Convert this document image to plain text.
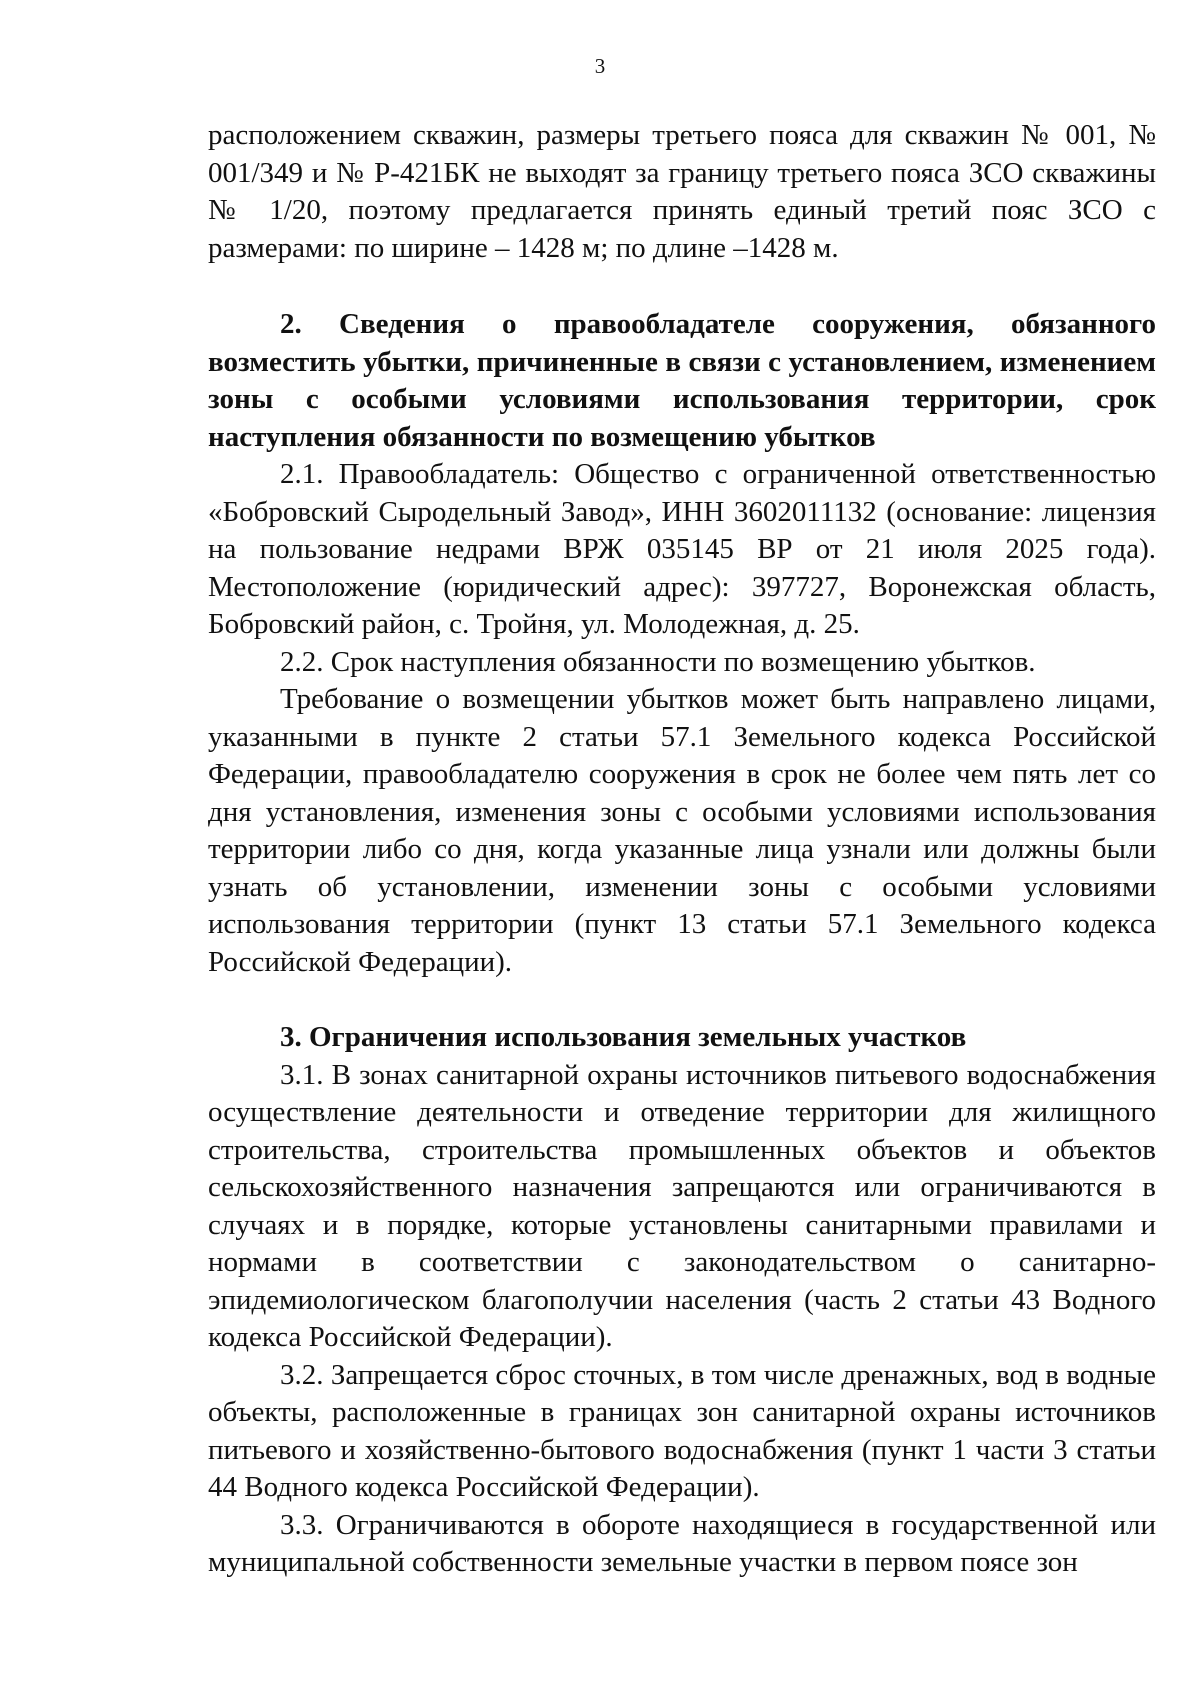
3

расположением скважин, размеры третьего пояса для скважин № 001, № 001/349 и № Р-421БК не выходят за границу третьего пояса ЗСО скважины № 1/20, поэтому предлагается принять единый третий пояс ЗСО с размерами: по ширине – 1428 м; по длине –1428 м.

2. Сведения о правообладателе сооружения, обязанного возместить убытки, причиненные в связи с установлением, изменением зоны с особыми условиями использования территории, срок наступления обязанности по возмещению убытков

2.1. Правообладатель: Общество с ограниченной ответственностью «Бобровский Сыродельный Завод», ИНН 3602011132 (основание: лицензия на пользование недрами ВРЖ 035145 ВР от 21 июля 2025 года). Местоположение (юридический адрес): 397727, Воронежская область, Бобровский район, с. Тройня, ул. Молодежная, д. 25.

2.2. Срок наступления обязанности по возмещению убытков.

Требование о возмещении убытков может быть направлено лицами, указанными в пункте 2 статьи 57.1 Земельного кодекса Российской Федерации, правообладателю сооружения в срок не более чем пять лет со дня установления, изменения зоны с особыми условиями использования территории либо со дня, когда указанные лица узнали или должны были узнать об установлении, изменении зоны с особыми условиями использования территории (пункт 13 статьи 57.1 Земельного кодекса Российской Федерации).

3. Ограничения использования земельных участков

3.1. В зонах санитарной охраны источников питьевого водоснабжения осуществление деятельности и отведение территории для жилищного строительства, строительства промышленных объектов и объектов сельскохозяйственного назначения запрещаются или ограничиваются в случаях и в порядке, которые установлены санитарными правилами и нормами в соответствии с законодательством о санитарно-эпидемиологическом благополучии населения (часть 2 статьи 43 Водного кодекса Российской Федерации).

3.2. Запрещается сброс сточных, в том числе дренажных, вод в водные объекты, расположенные в границах зон санитарной охраны источников питьевого и хозяйственно-бытового водоснабжения (пункт 1 части 3 статьи 44 Водного кодекса Российской Федерации).

3.3. Ограничиваются в обороте находящиеся в государственной или муниципальной собственности земельные участки в первом поясе зон
